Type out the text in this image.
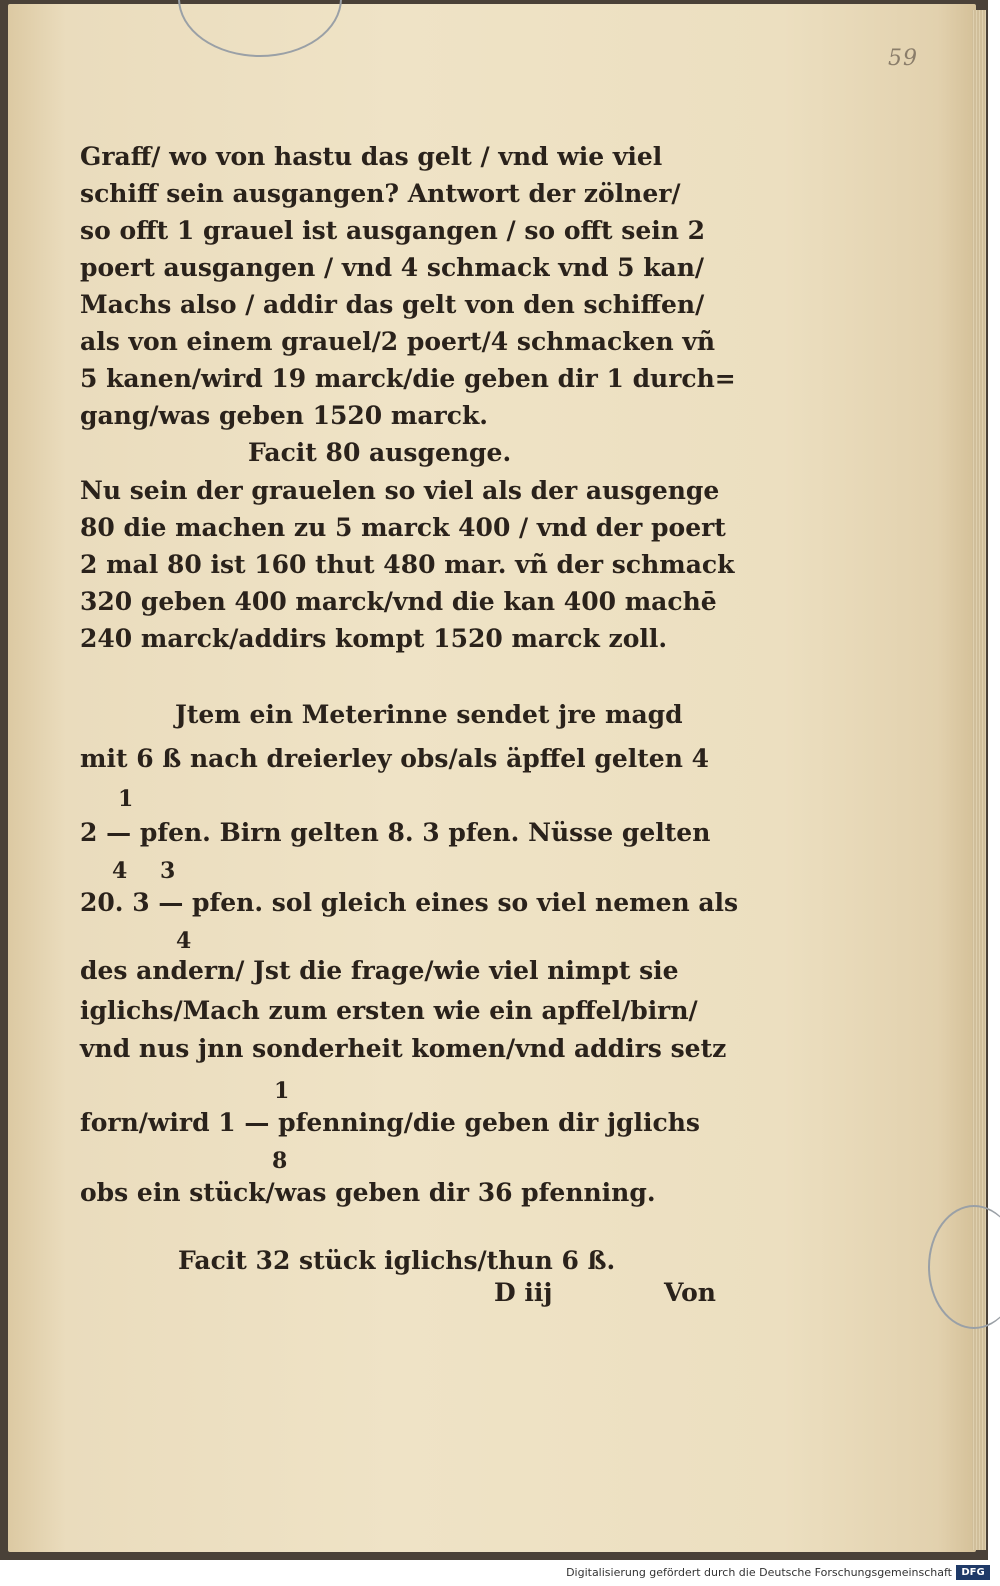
59
Graff/ wo von hastu das gelt / vnd wie viel
schiff sein ausgangen? Antwort der zölner/
so offt 1 grauel ist ausgangen / so offt sein 2
poert ausgangen / vnd 4 schmack vnd 5 kan/
Machs also / addir das gelt von den schiffen/
als von einem grauel/2 poert/4 schmacken vñ
5 kanen/wird 19 marck/die geben dir 1 durch=
gang/was geben 1520 marck.
Facit 80 ausgenge.
Nu sein der grauelen so viel als der ausgenge
80 die machen zu 5 marck 400 / vnd der poert
2 mal 80 ist 160 thut 480 mar. vñ der schmack
320 geben 400 marck/vnd die kan 400 machē
240 marck/addirs kompt 1520 marck zoll.
Jtem ein Meterinne sendet jre magd
mit 6 ß nach dreierley obs/als äpffel gelten 4
2 — pfen. Birn gelten 8. 3 pfen. Nüsse gelten
20. 3 — pfen. sol gleich eines so viel nemen als
des andern/ Jst die frage/wie viel nimpt sie
iglichs/Mach zum ersten wie ein apffel/birn/
vnd nus jnn sonderheit komen/vnd addirs setz
forn/wird 1 — pfenning/die geben dir jglichs
obs ein stück/was geben dir 36 pfenning.
1
4 3
4
1
8
Facit 32 stück iglichs/thun 6 ß.
D iij	Von
Digitalisierung gefördert durch die Deutsche Forschungsgemeinschaft DFG
